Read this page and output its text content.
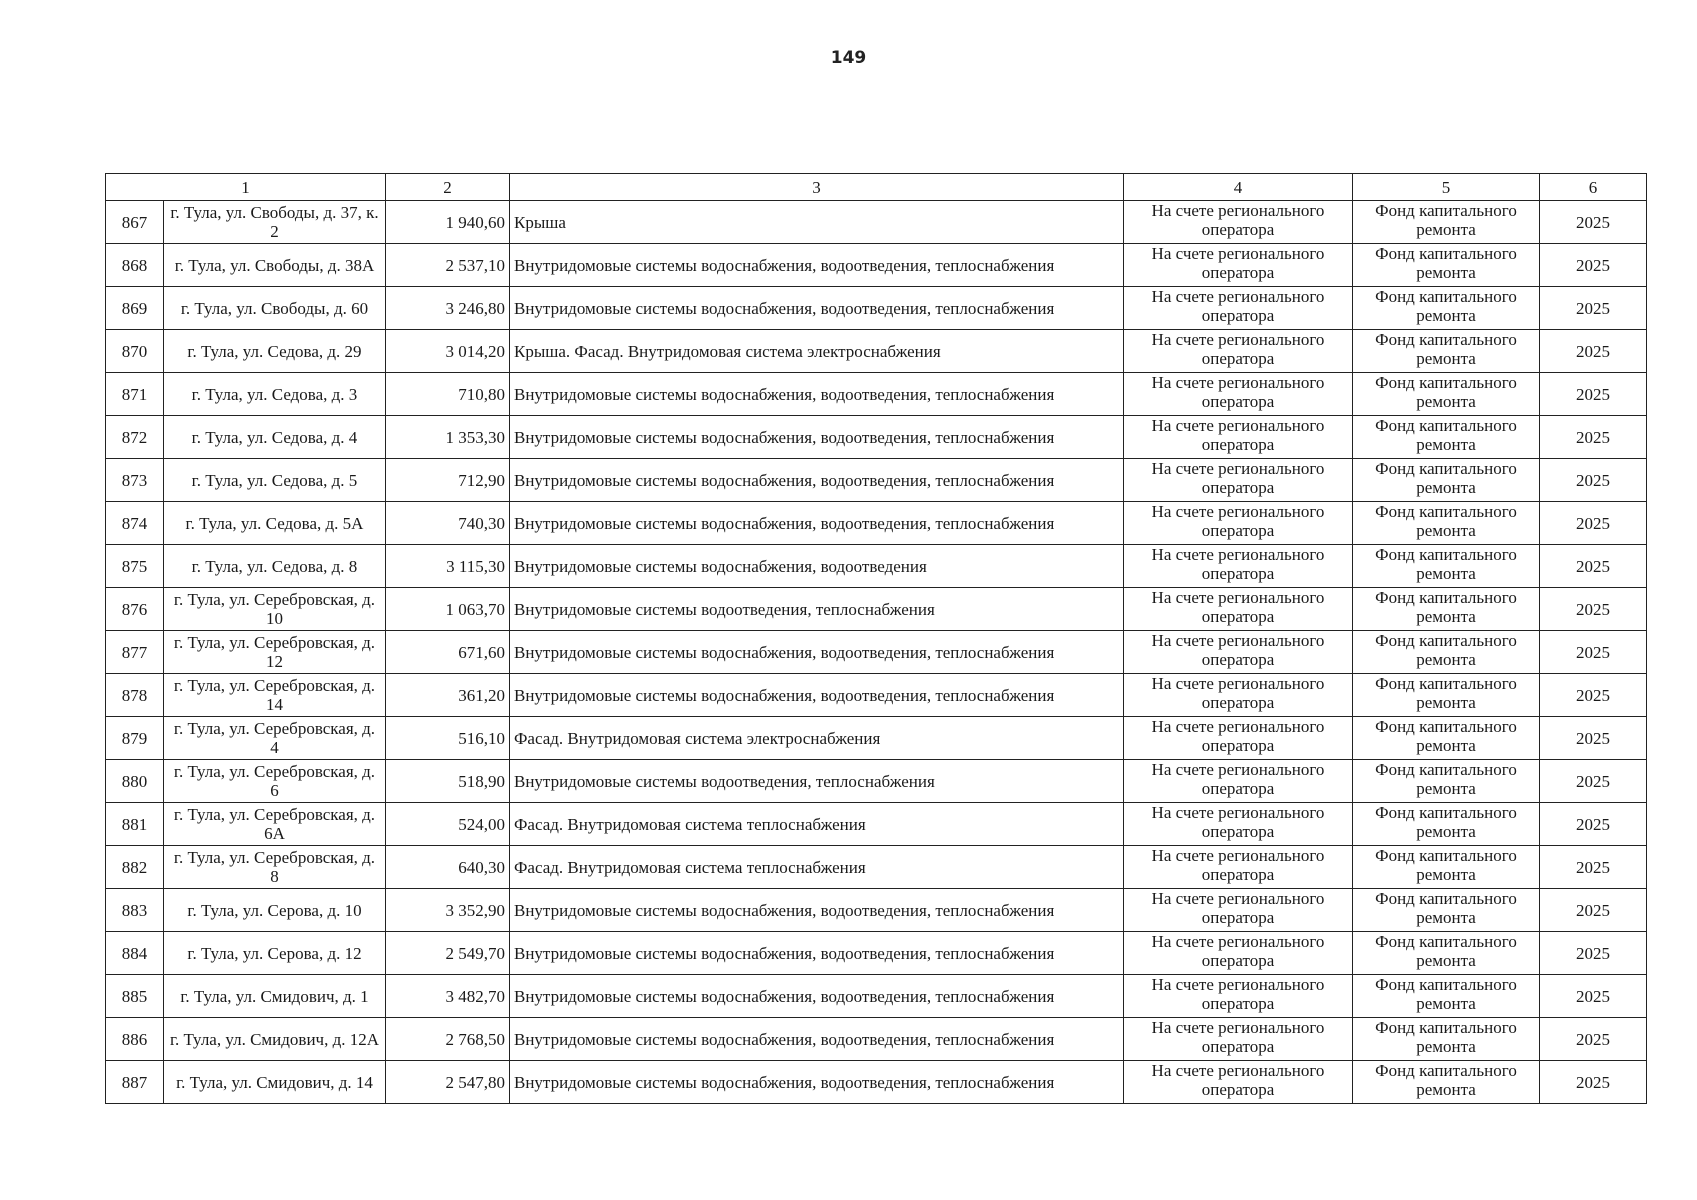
149
1		2	3	4	5	6
867	г. Тула, ул. Свободы, д. 37, к. 2	1 940,60	Крыша	На счете регионального оператора	Фонд капитального ремонта	2025
868	г. Тула, ул. Свободы, д. 38А	2 537,10	Внутридомовые системы водоснабжения, водоотведения, теплоснабжения	На счете регионального оператора	Фонд капитального ремонта	2025
869	г. Тула, ул. Свободы, д. 60	3 246,80	Внутридомовые системы водоснабжения, водоотведения, теплоснабжения	На счете регионального оператора	Фонд капитального ремонта	2025
870	г. Тула, ул. Седова, д. 29	3 014,20	Крыша. Фасад. Внутридомовая система электроснабжения	На счете регионального оператора	Фонд капитального ремонта	2025
871	г. Тула, ул. Седова, д. 3	710,80	Внутридомовые системы водоснабжения, водоотведения, теплоснабжения	На счете регионального оператора	Фонд капитального ремонта	2025
872	г. Тула, ул. Седова, д. 4	1 353,30	Внутридомовые системы водоснабжения, водоотведения, теплоснабжения	На счете регионального оператора	Фонд капитального ремонта	2025
873	г. Тула, ул. Седова, д. 5	712,90	Внутридомовые системы водоснабжения, водоотведения, теплоснабжения	На счете регионального оператора	Фонд капитального ремонта	2025
874	г. Тула, ул. Седова, д. 5А	740,30	Внутридомовые системы водоснабжения, водоотведения, теплоснабжения	На счете регионального оператора	Фонд капитального ремонта	2025
875	г. Тула, ул. Седова, д. 8	3 115,30	Внутридомовые системы водоснабжения, водоотведения	На счете регионального оператора	Фонд капитального ремонта	2025
876	г. Тула, ул. Серебровская, д. 10	1 063,70	Внутридомовые системы водоотведения, теплоснабжения	На счете регионального оператора	Фонд капитального ремонта	2025
877	г. Тула, ул. Серебровская, д. 12	671,60	Внутридомовые системы водоснабжения, водоотведения, теплоснабжения	На счете регионального оператора	Фонд капитального ремонта	2025
878	г. Тула, ул. Серебровская, д. 14	361,20	Внутридомовые системы водоснабжения, водоотведения, теплоснабжения	На счете регионального оператора	Фонд капитального ремонта	2025
879	г. Тула, ул. Серебровская, д. 4	516,10	Фасад. Внутридомовая система электроснабжения	На счете регионального оператора	Фонд капитального ремонта	2025
880	г. Тула, ул. Серебровская, д. 6	518,90	Внутридомовые системы водоотведения, теплоснабжения	На счете регионального оператора	Фонд капитального ремонта	2025
881	г. Тула, ул. Серебровская, д. 6А	524,00	Фасад. Внутридомовая система теплоснабжения	На счете регионального оператора	Фонд капитального ремонта	2025
882	г. Тула, ул. Серебровская, д. 8	640,30	Фасад. Внутридомовая система теплоснабжения	На счете регионального оператора	Фонд капитального ремонта	2025
883	г. Тула, ул. Серова, д. 10	3 352,90	Внутридомовые системы водоснабжения, водоотведения, теплоснабжения	На счете регионального оператора	Фонд капитального ремонта	2025
884	г. Тула, ул. Серова, д. 12	2 549,70	Внутридомовые системы водоснабжения, водоотведения, теплоснабжения	На счете регионального оператора	Фонд капитального ремонта	2025
885	г. Тула, ул. Смидович, д. 1	3 482,70	Внутридомовые системы водоснабжения, водоотведения, теплоснабжения	На счете регионального оператора	Фонд капитального ремонта	2025
886	г. Тула, ул. Смидович, д. 12А	2 768,50	Внутридомовые системы водоснабжения, водоотведения, теплоснабжения	На счете регионального оператора	Фонд капитального ремонта	2025
887	г. Тула, ул. Смидович, д. 14	2 547,80	Внутридомовые системы водоснабжения, водоотведения, теплоснабжения	На счете регионального оператора	Фонд капитального ремонта	2025
